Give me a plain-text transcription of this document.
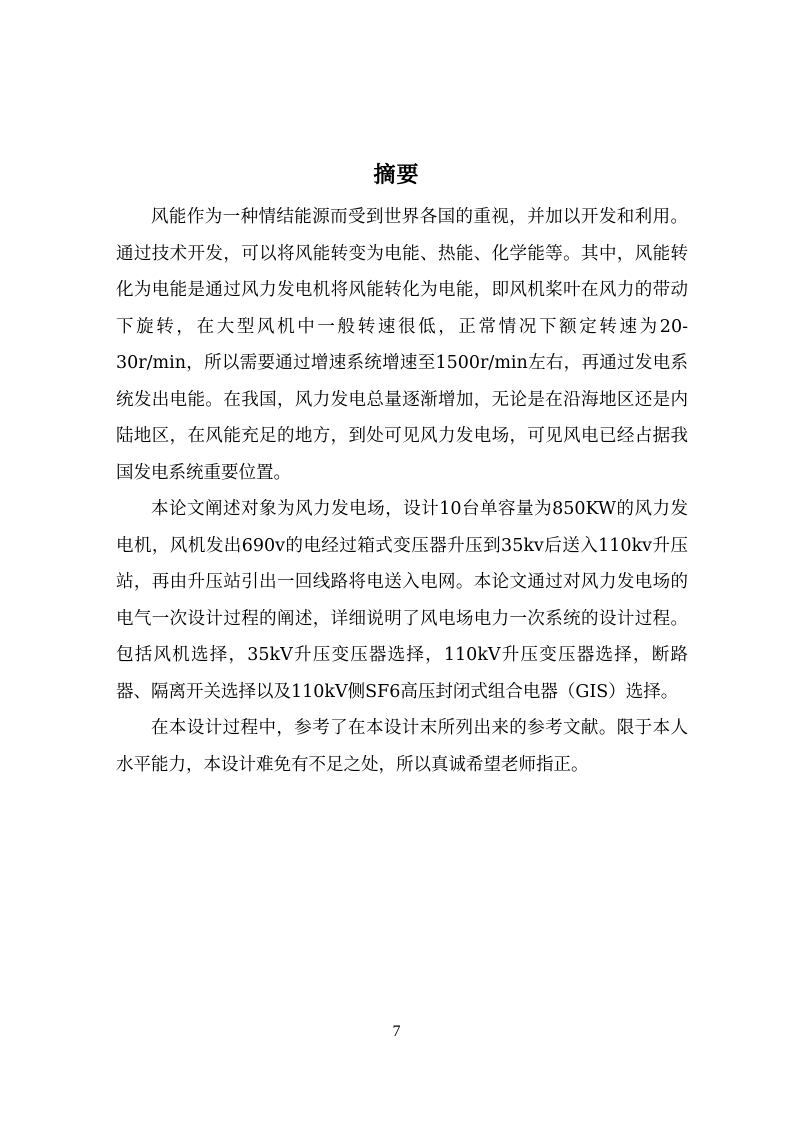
摘要

风能作为一种情结能源而受到世界各国的重视，并加以开发和利用。通过技术开发，可以将风能转变为电能、热能、化学能等。其中，风能转化为电能是通过风力发电机将风能转化为电能，即风机桨叶在风力的带动下旋转，在大型风机中一般转速很低，正常情况下额定转速为20-30r/min，所以需要通过增速系统增速至1500r/min左右，再通过发电系统发出电能。在我国，风力发电总量逐渐增加，无论是在沿海地区还是内陆地区，在风能充足的地方，到处可见风力发电场，可见风电已经占据我国发电系统重要位置。

本论文阐述对象为风力发电场，设计10台单容量为850KW的风力发电机，风机发出690v的电经过箱式变压器升压到35kv后送入110kv升压站，再由升压站引出一回线路将电送入电网。本论文通过对风力发电场的电气一次设计过程的阐述，详细说明了风电场电力一次系统的设计过程。包括风机选择，35kV升压变压器选择，110kV升压变压器选择，断路器、隔离开关选择以及110kV侧SF6高压封闭式组合电器（GIS）选择。

在本设计过程中，参考了在本设计末所列出来的参考文献。限于本人水平能力，本设计难免有不足之处，所以真诚希望老师指正。

7
